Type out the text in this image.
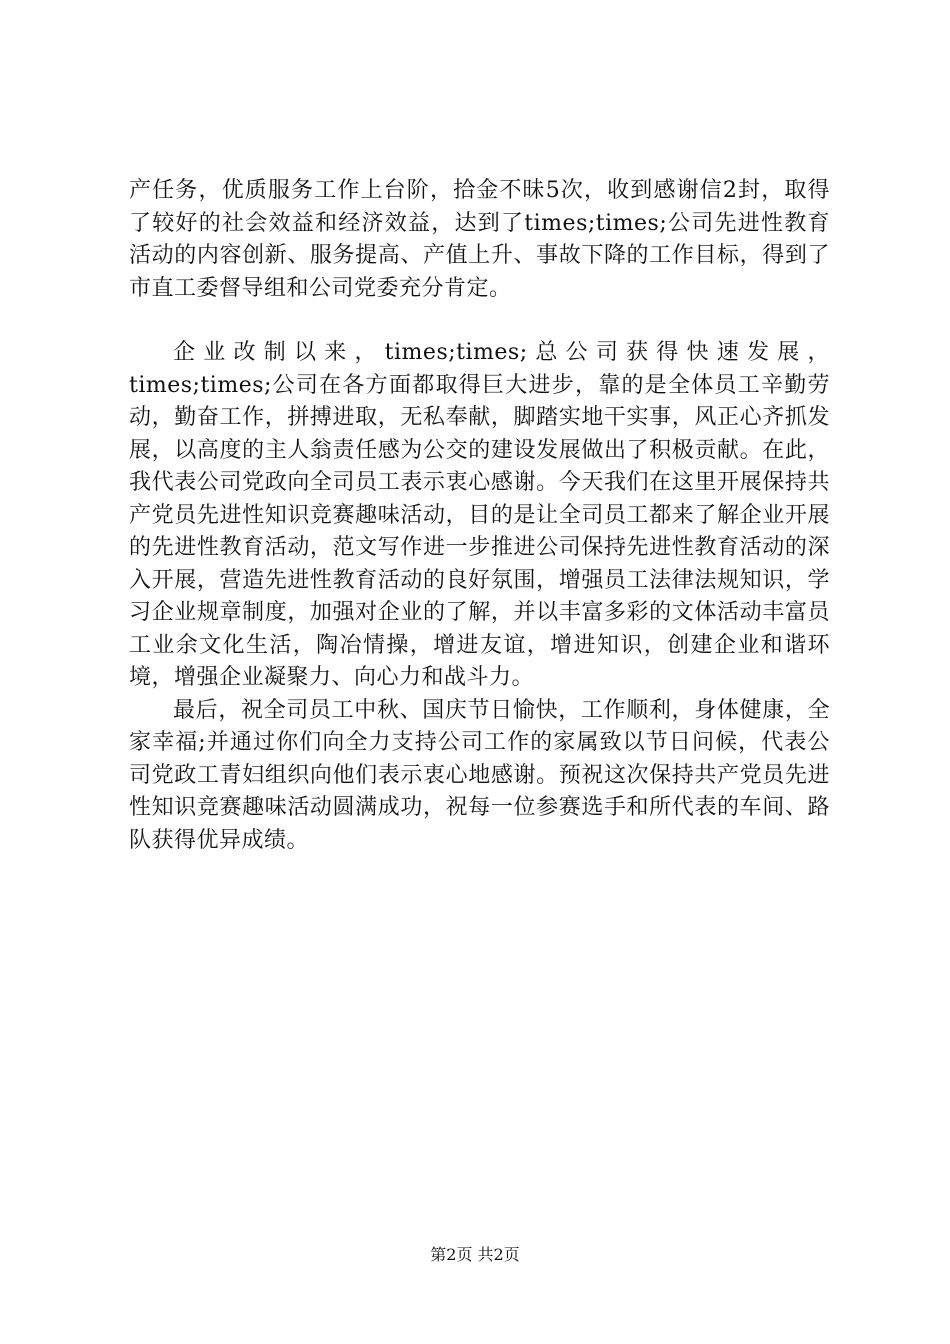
产任务，优质服务工作上台阶，拾金不昧5次，收到感谢信2封，取得了较好的社会效益和经济效益，达到了times;times;公司先进性教育活动的内容创新、服务提高、产值上升、事故下降的工作目标，得到了市直工委督导组和公司党委充分肯定。

企业改制以来，times;times;总公司获得快速发展，times;times;公司在各方面都取得巨大进步，靠的是全体员工辛勤劳动，勤奋工作，拼搏进取，无私奉献，脚踏实地干实事，风正心齐抓发展，以高度的主人翁责任感为公交的建设发展做出了积极贡献。在此，我代表公司党政向全司员工表示衷心感谢。今天我们在这里开展保持共产党员先进性知识竞赛趣味活动，目的是让全司员工都来了解企业开展的先进性教育活动，范文写作进一步推进公司保持先进性教育活动的深入开展，营造先进性教育活动的良好氛围，增强员工法律法规知识，学习企业规章制度，加强对企业的了解，并以丰富多彩的文体活动丰富员工业余文化生活，陶冶情操，增进友谊，增进知识，创建企业和谐环境，增强企业凝聚力、向心力和战斗力。

最后，祝全司员工中秋、国庆节日愉快，工作顺利，身体健康，全家幸福;并通过你们向全力支持公司工作的家属致以节日问候，代表公司党政工青妇组织向他们表示衷心地感谢。预祝这次保持共产党员先进性知识竞赛趣味活动圆满成功，祝每一位参赛选手和所代表的车间、路队获得优异成绩。

第2页 共2页
